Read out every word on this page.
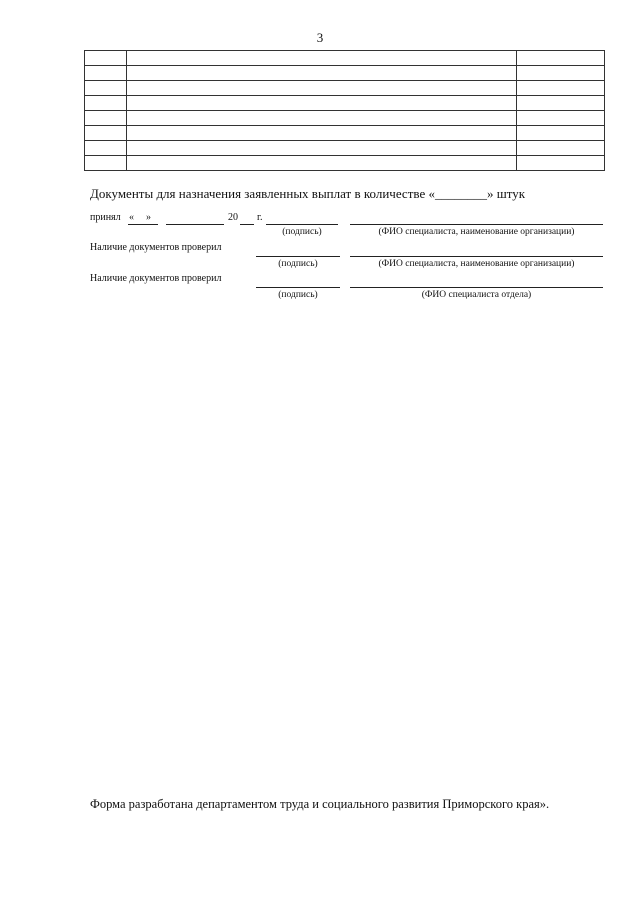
3

Документы для назначения заявленных выплат в количестве «________» штук
принял « »	20 г.
(подпись)	(ФИО специалиста, наименование организации)
Наличие документов проверил
(подпись)	(ФИО специалиста, наименование организации)
Наличие документов проверил
(подпись)	(ФИО специалиста отдела)
Форма разработана департаментом труда и социального развития Приморского края».
